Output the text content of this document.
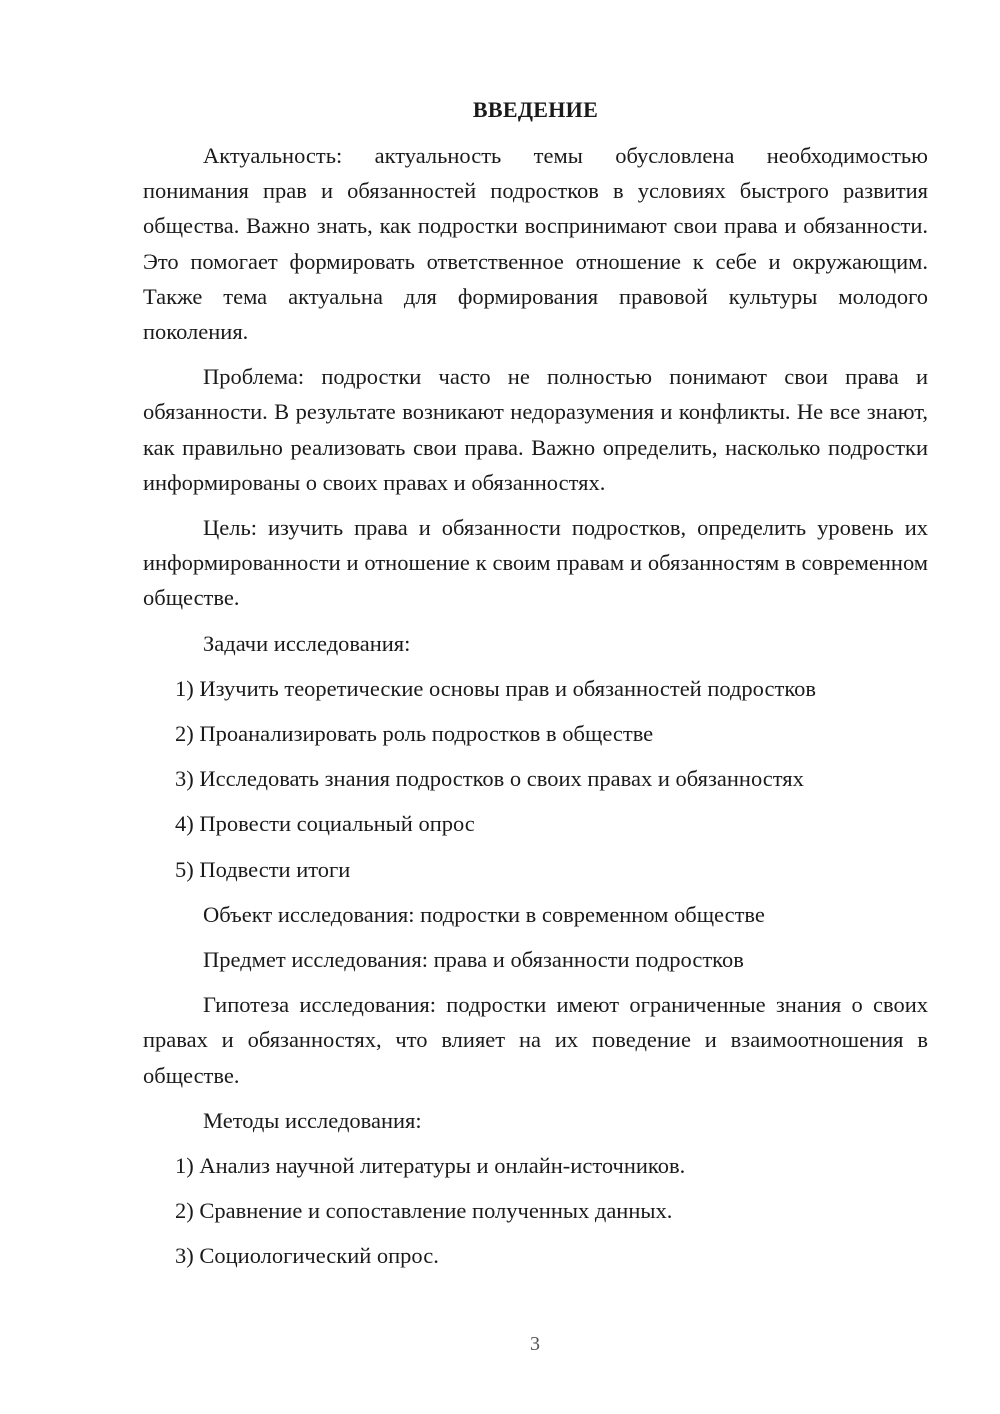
ВВЕДЕНИЕ

Актуальность: актуальность темы обусловлена необходимостью понимания прав и обязанностей подростков в условиях быстрого развития общества. Важно знать, как подростки воспринимают свои права и обязанности. Это помогает формировать ответственное отношение к себе и окружающим. Также тема актуальна для формирования правовой культуры молодого поколения.

Проблема: подростки часто не полностью понимают свои права и обязанности. В результате возникают недоразумения и конфликты. Не все знают, как правильно реализовать свои права. Важно определить, насколько подростки информированы о своих правах и обязанностях.

Цель: изучить права и обязанности подростков, определить уровень их информированности и отношение к своим правам и обязанностям в современном обществе.

Задачи исследования:

1) Изучить теоретические основы прав и обязанностей подростков

2) Проанализировать роль подростков в обществе

3) Исследовать знания подростков о своих правах и обязанностях

4) Провести социальный опрос

5) Подвести итоги

Объект исследования: подростки в современном обществе

Предмет исследования: права и обязанности подростков

Гипотеза исследования: подростки имеют ограниченные знания о своих правах и обязанностях, что влияет на их поведение и взаимоотношения в обществе.

Методы исследования:

1) Анализ научной литературы и онлайн-источников.

2) Сравнение и сопоставление полученных данных.

3) Социологический опрос.

3
